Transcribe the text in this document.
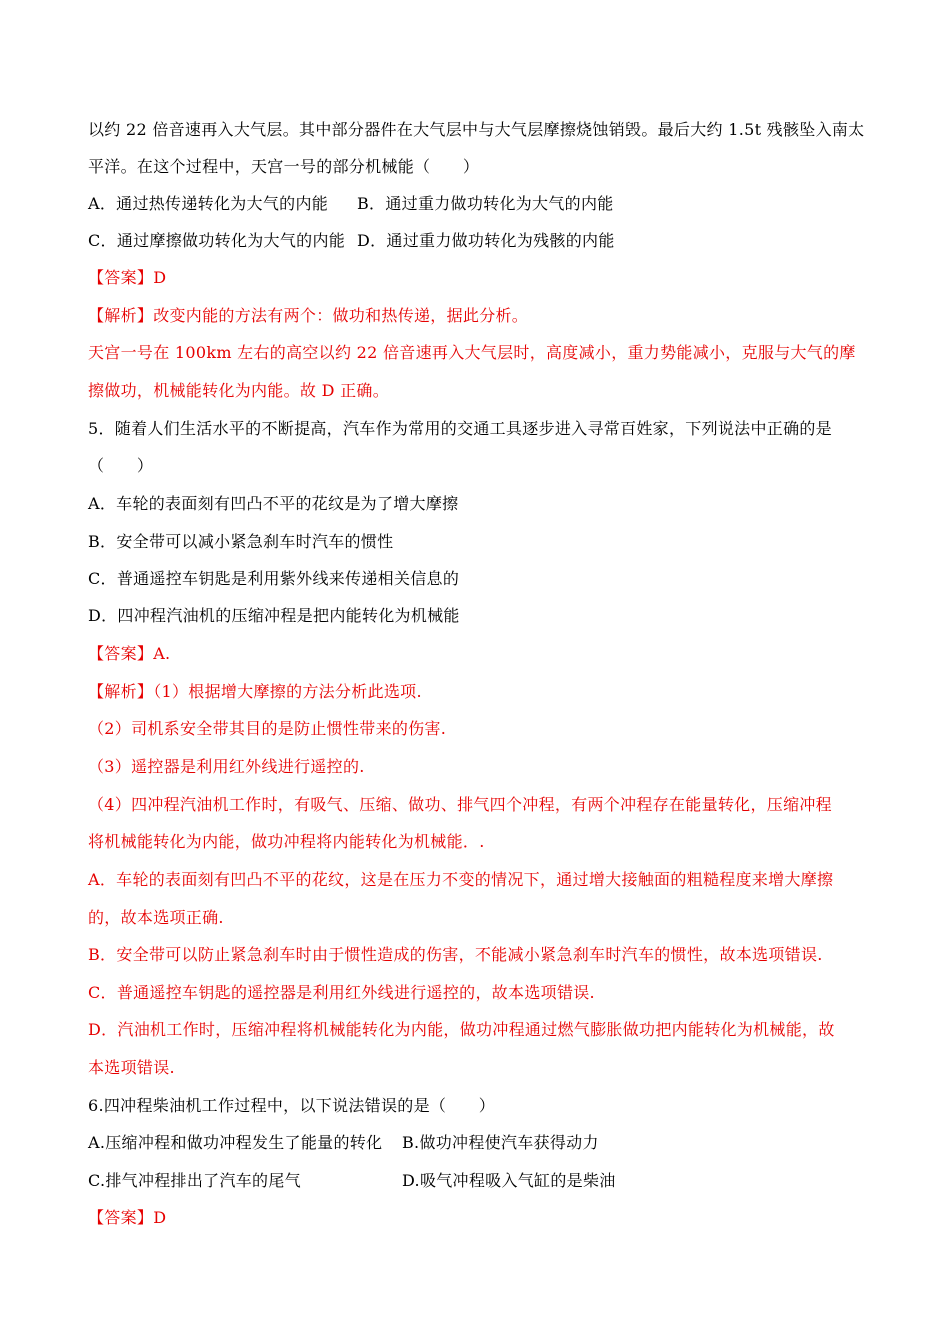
以约 22 倍音速再入大气层。其中部分器件在大气层中与大气层摩擦烧蚀销毁。最后大约 1.5t 残骸坠入南太
平洋。在这个过程中，天宫一号的部分机械能（　　）
A．通过热传递转化为大气的内能 B．通过重力做功转化为大气的内能
C．通过摩擦做功转化为大气的内能 D．通过重力做功转化为残骸的内能
【答案】D
【解析】改变内能的方法有两个：做功和热传递，据此分析。
天宫一号在 100km 左右的高空以约 22 倍音速再入大气层时，高度减小，重力势能减小，克服与大气的摩
擦做功，机械能转化为内能。故 D 正确。
5．随着人们生活水平的不断提高，汽车作为常用的交通工具逐步进入寻常百姓家，下列说法中正确的是
（　　）
A．车轮的表面刻有凹凸不平的花纹是为了增大摩擦
B．安全带可以减小紧急刹车时汽车的惯性
C．普通遥控车钥匙是利用紫外线来传递相关信息的
D．四冲程汽油机的压缩冲程是把内能转化为机械能
【答案】A.
【解析】（1）根据增大摩擦的方法分析此选项.
（2）司机系安全带其目的是防止惯性带来的伤害.
（3）遥控器是利用红外线进行遥控的.
（4）四冲程汽油机工作时，有吸气、压缩、做功、排气四个冲程，有两个冲程存在能量转化，压缩冲程
将机械能转化为内能，做功冲程将内能转化为机械能．.
A．车轮的表面刻有凹凸不平的花纹，这是在压力不变的情况下，通过增大接触面的粗糙程度来增大摩擦
的，故本选项正确.
B．安全带可以防止紧急刹车时由于惯性造成的伤害，不能减小紧急刹车时汽车的惯性，故本选项错误.
C．普通遥控车钥匙的遥控器是利用红外线进行遥控的，故本选项错误.
D．汽油机工作时，压缩冲程将机械能转化为内能，做功冲程通过燃气膨胀做功把内能转化为机械能，故
本选项错误.
6.四冲程柴油机工作过程中，以下说法错误的是（　　）
A.压缩冲程和做功冲程发生了能量的转化 B.做功冲程使汽车获得动力
C.排气冲程排出了汽车的尾气	D.吸气冲程吸入气缸的是柴油
【答案】D
